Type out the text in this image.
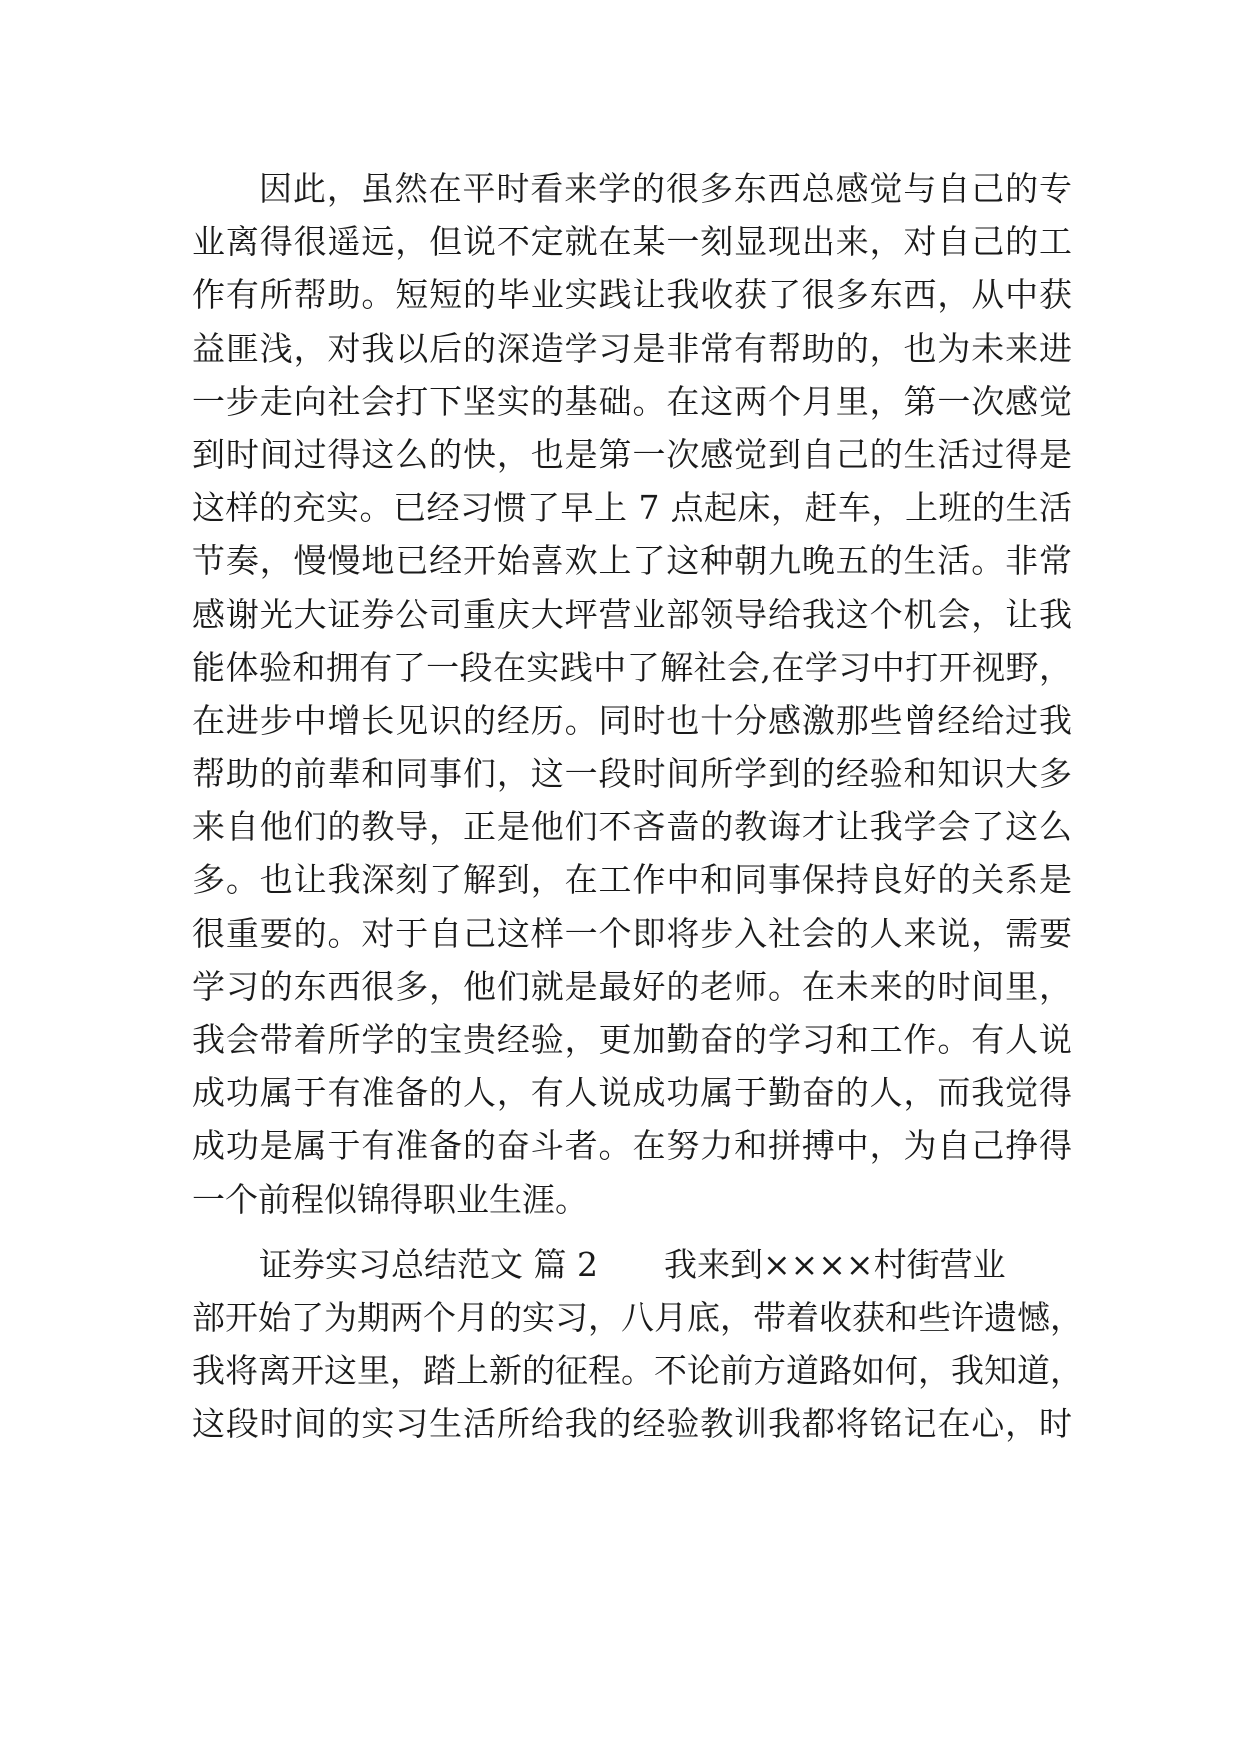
因此，虽然在平时看来学的很多东西总感觉与自己的专
业离得很遥远，但说不定就在某一刻显现出来，对自己的工
作有所帮助。短短的毕业实践让我收获了很多东西，从中获
益匪浅，对我以后的深造学习是非常有帮助的，也为未来进
一步走向社会打下坚实的基础。在这两个月里，第一次感觉
到时间过得这么的快，也是第一次感觉到自己的生活过得是
这样的充实。已经习惯了早上 7 点起床，赶车，上班的生活
节奏，慢慢地已经开始喜欢上了这种朝九晚五的生活。非常
感谢光大证券公司重庆大坪营业部领导给我这个机会，让我
能体验和拥有了一段在实践中了解社会,在学习中打开视野，
在进步中增长见识的经历。同时也十分感激那些曾经给过我
帮助的前辈和同事们，这一段时间所学到的经验和知识大多
来自他们的教导，正是他们不吝啬的教诲才让我学会了这么
多。也让我深刻了解到，在工作中和同事保持良好的关系是
很重要的。对于自己这样一个即将步入社会的人来说，需要
学习的东西很多，他们就是最好的老师。在未来的时间里，
我会带着所学的宝贵经验，更加勤奋的学习和工作。有人说
成功属于有准备的人，有人说成功属于勤奋的人，而我觉得
成功是属于有准备的奋斗者。在努力和拼搏中，为自己挣得
一个前程似锦得职业生涯。
证券实习总结范文 篇 2 我来到××××村街营业
部开始了为期两个月的实习，八月底，带着收获和些许遗憾，
我将离开这里，踏上新的征程。不论前方道路如何，我知道，
这段时间的实习生活所给我的经验教训我都将铭记在心，时
